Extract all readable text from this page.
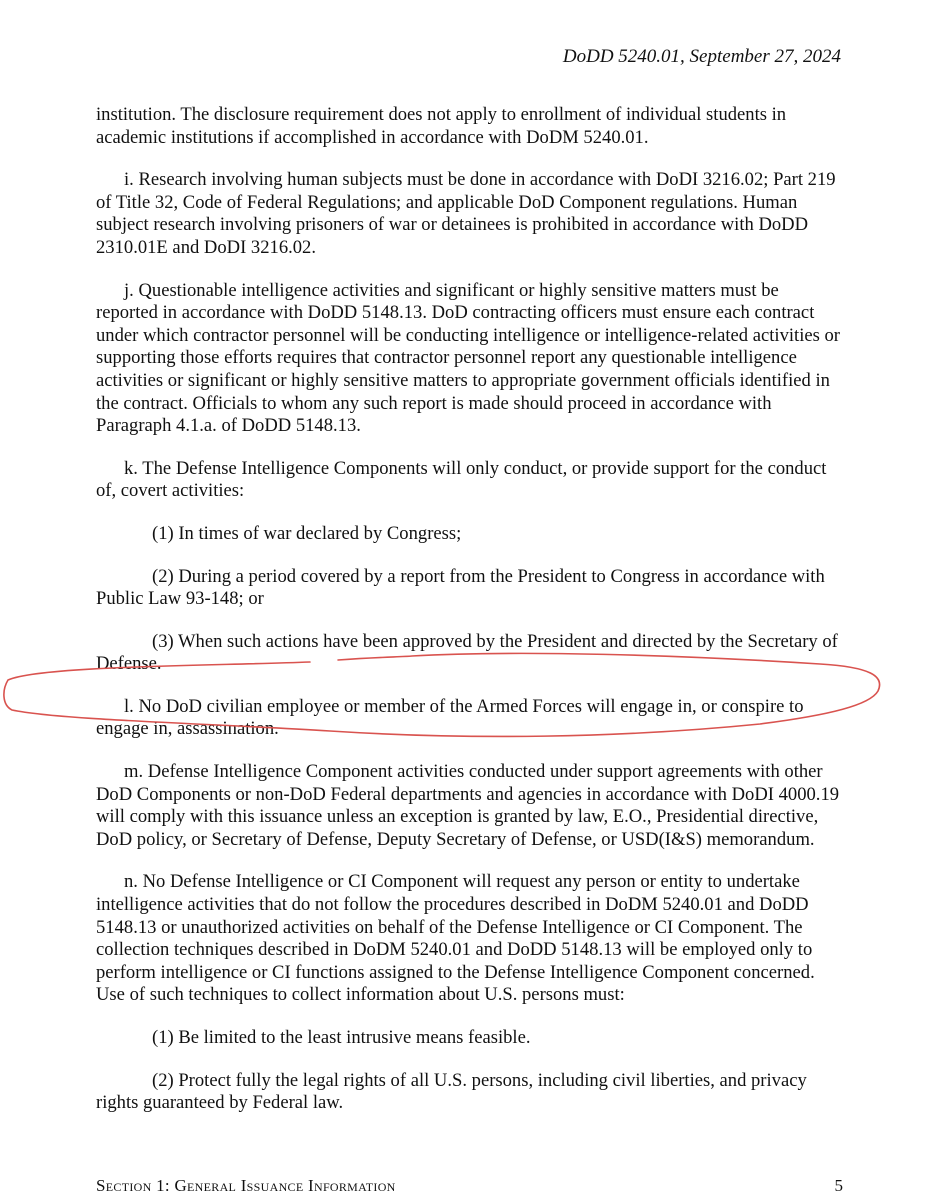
DoDD 5240.01, September 27, 2024

institution. The disclosure requirement does not apply to enrollment of individual students in academic institutions if accomplished in accordance with DoDM 5240.01.

i. Research involving human subjects must be done in accordance with DoDI 3216.02; Part 219 of Title 32, Code of Federal Regulations; and applicable DoD Component regulations. Human subject research involving prisoners of war or detainees is prohibited in accordance with DoDD 2310.01E and DoDI 3216.02.

j. Questionable intelligence activities and significant or highly sensitive matters must be reported in accordance with DoDD 5148.13. DoD contracting officers must ensure each contract under which contractor personnel will be conducting intelligence or intelligence-related activities or supporting those efforts requires that contractor personnel report any questionable intelligence activities or significant or highly sensitive matters to appropriate government officials identified in the contract. Officials to whom any such report is made should proceed in accordance with Paragraph 4.1.a. of DoDD 5148.13.

k. The Defense Intelligence Components will only conduct, or provide support for the conduct of, covert activities:

(1) In times of war declared by Congress;

(2) During a period covered by a report from the President to Congress in accordance with Public Law 93-148; or

(3) When such actions have been approved by the President and directed by the Secretary of Defense.

l. No DoD civilian employee or member of the Armed Forces will engage in, or conspire to engage in, assassination.

m. Defense Intelligence Component activities conducted under support agreements with other DoD Components or non-DoD Federal departments and agencies in accordance with DoDI 4000.19 will comply with this issuance unless an exception is granted by law, E.O., Presidential directive, DoD policy, or Secretary of Defense, Deputy Secretary of Defense, or USD(I&S) memorandum.

n. No Defense Intelligence or CI Component will request any person or entity to undertake intelligence activities that do not follow the procedures described in DoDM 5240.01 and DoDD 5148.13 or unauthorized activities on behalf of the Defense Intelligence or CI Component. The collection techniques described in DoDM 5240.01 and DoDD 5148.13 will be employed only to perform intelligence or CI functions assigned to the Defense Intelligence Component concerned. Use of such techniques to collect information about U.S. persons must:

(1) Be limited to the least intrusive means feasible.

(2) Protect fully the legal rights of all U.S. persons, including civil liberties, and privacy rights guaranteed by Federal law.

Section 1: General Issuance Information	5
